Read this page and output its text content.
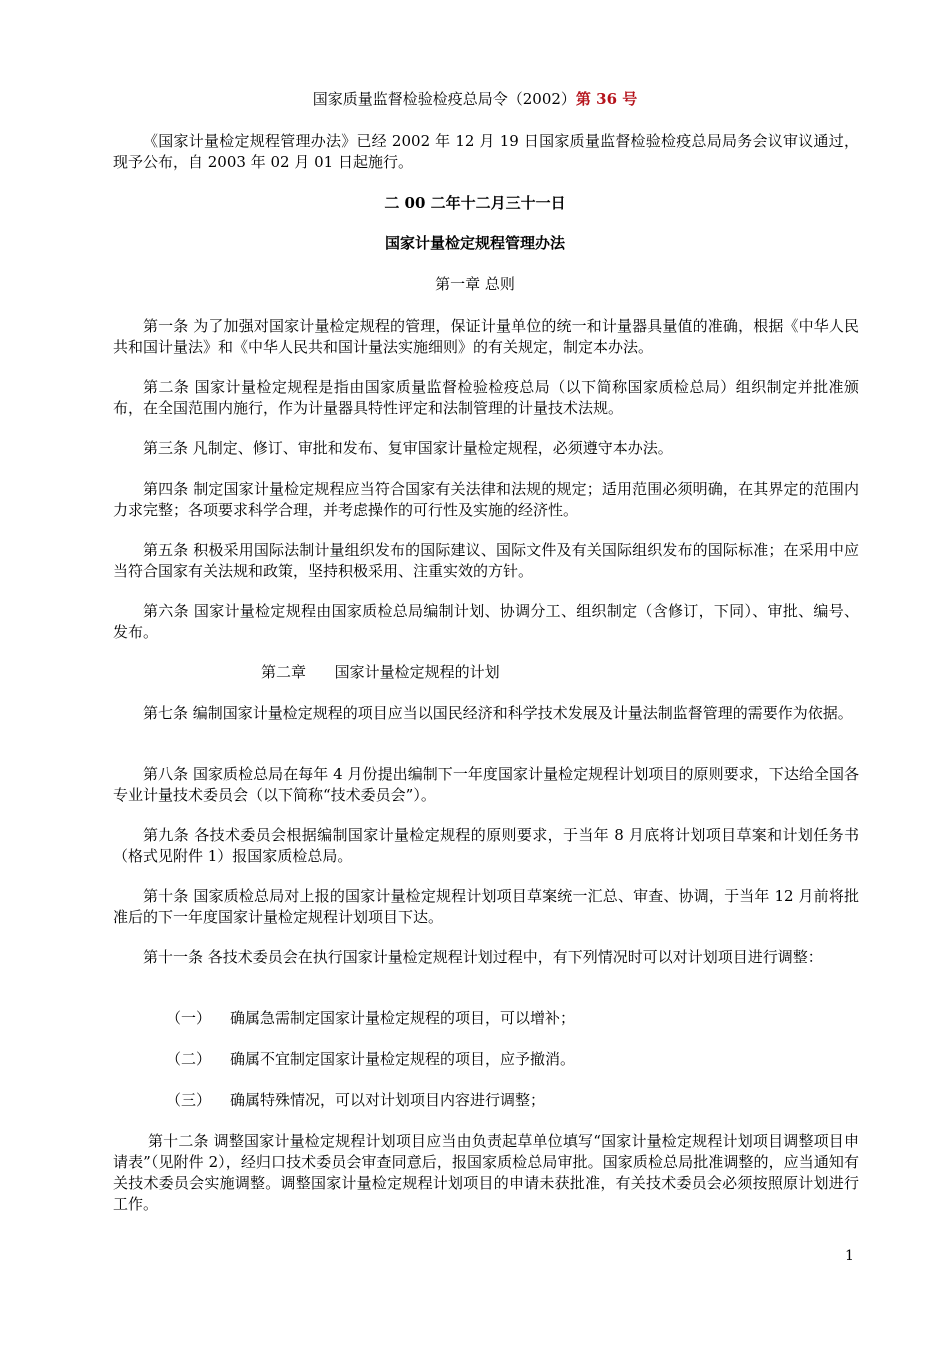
国家质量监督检验检疫总局令（2002）第 36 号
《国家计量检定规程管理办法》已经 2002 年 12 月 19 日国家质量监督检验检疫总局局务会议审议通过，现予公布，自 2003 年 02 月 01 日起施行。
二 00 二年十二月三十一日
国家计量检定规程管理办法
第一章 总则
第一条 为了加强对国家计量检定规程的管理，保证计量单位的统一和计量器具量值的准确，根据《中华人民共和国计量法》和《中华人民共和国计量法实施细则》的有关规定，制定本办法。
第二条 国家计量检定规程是指由国家质量监督检验检疫总局（以下简称国家质检总局）组织制定并批准颁布，在全国范围内施行，作为计量器具特性评定和法制管理的计量技术法规。
第三条 凡制定、修订、审批和发布、复审国家计量检定规程，必须遵守本办法。
第四条 制定国家计量检定规程应当符合国家有关法律和法规的规定；适用范围必须明确，在其界定的范围内力求完整；各项要求科学合理，并考虑操作的可行性及实施的经济性。
第五条 积极采用国际法制计量组织发布的国际建议、国际文件及有关国际组织发布的国际标准；在采用中应当符合国家有关法规和政策，坚持积极采用、注重实效的方针。
第六条 国家计量检定规程由国家质检总局编制计划、协调分工、组织制定（含修订，下同）、审批、编号、发布。
第二章      国家计量检定规程的计划
第七条 编制国家计量检定规程的项目应当以国民经济和科学技术发展及计量法制监督管理的需要作为依据。
第八条 国家质检总局在每年 4 月份提出编制下一年度国家计量检定规程计划项目的原则要求，下达给全国各专业计量技术委员会（以下简称“技术委员会”）。
第九条 各技术委员会根据编制国家计量检定规程的原则要求，于当年 8 月底将计划项目草案和计划任务书（格式见附件 1）报国家质检总局。
第十条 国家质检总局对上报的国家计量检定规程计划项目草案统一汇总、审查、协调，于当年 12 月前将批准后的下一年度国家计量检定规程计划项目下达。
第十一条 各技术委员会在执行国家计量检定规程计划过程中，有下列情况时可以对计划项目进行调整：
（一） 确属急需制定国家计量检定规程的项目，可以增补；
（二） 确属不宜制定国家计量检定规程的项目，应予撤消。
（三） 确属特殊情况，可以对计划项目内容进行调整；
第十二条 调整国家计量检定规程计划项目应当由负责起草单位填写“国家计量检定规程计划项目调整项目申请表”（见附件 2），经归口技术委员会审查同意后，报国家质检总局审批。国家质检总局批准调整的，应当通知有关技术委员会实施调整。调整国家计量检定规程计划项目的申请未获批准，有关技术委员会必须按照原计划进行工作。
1
